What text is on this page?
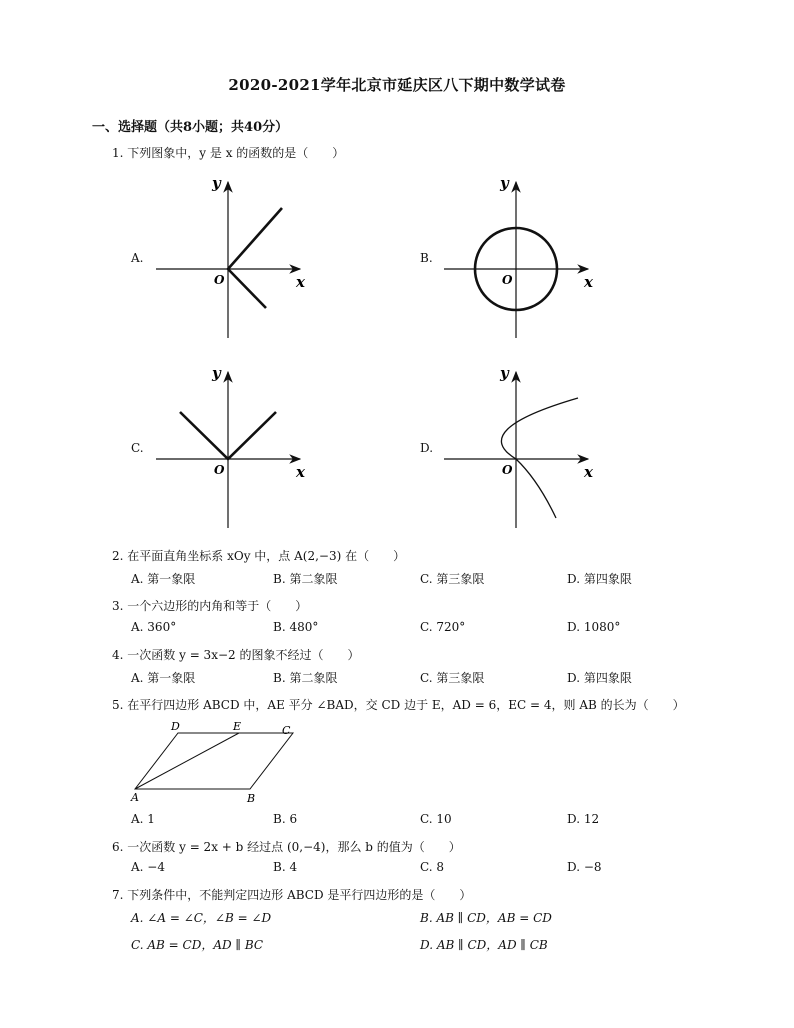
2020-2021学年北京市延庆区八下期中数学试卷
一、选择题（共8小题；共40分）
1. 下列图象中，y 是 x 的函数的是（　　）
A.
y
x
O
B.
y
x
O
C.
y
x
O
D.
y
x
O
2. 在平面直角坐标系 xOy 中，点 A(2,−3) 在（　　）
A. 第一象限	B. 第二象限	C. 第三象限	D. 第四象限
3. 一个六边形的内角和等于（　　）
A. 360°	B. 480°	C. 720°	D. 1080°
4. 一次函数 y = 3x−2 的图象不经过（　　）
A. 第一象限	B. 第二象限	C. 第三象限	D. 第四象限
5. 在平行四边形 ABCD 中，AE 平分 ∠BAD，交 CD 边于 E，AD = 6，EC = 4，则 AB 的长为（　　）
A	B
C
D	E
A. 1	B. 6	C. 10	D. 12
6. 一次函数 y = 2x + b 经过点 (0,−4)，那么 b 的值为（　　）
A. −4	B. 4	C. 8	D. −8
7. 下列条件中，不能判定四边形 ABCD 是平行四边形的是（　　）
A. ∠A = ∠C，∠B = ∠D	B. AB ∥ CD，AB = CD
C. AB = CD，AD ∥ BC	D. AB ∥ CD，AD ∥ CB
